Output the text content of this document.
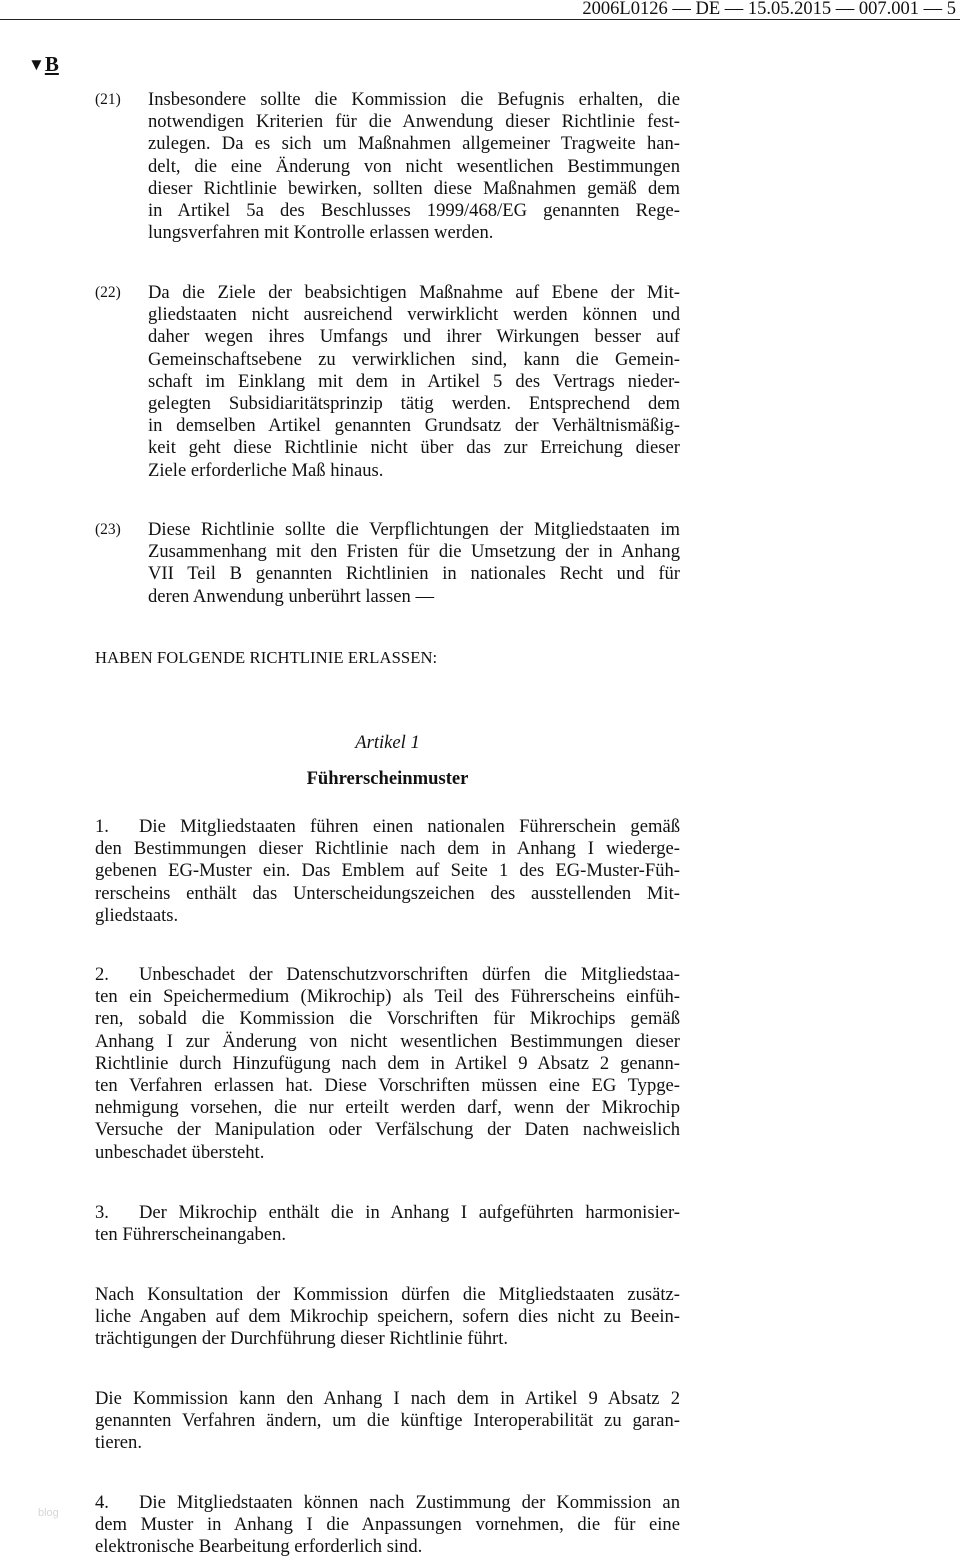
2006L0126 — DE — 15.05.2015 — 007.001 — 5
▼B
(21) Insbesondere sollte die Kommission die Befugnis erhalten, die
notwendigen Kriterien für die Anwendung dieser Richtlinie fest-
zulegen. Da es sich um Maßnahmen allgemeiner Tragweite han-
delt, die eine Änderung von nicht wesentlichen Bestimmungen
dieser Richtlinie bewirken, sollten diese Maßnahmen gemäß dem
in Artikel 5a des Beschlusses 1999/468/EG genannten Rege-
lungsverfahren mit Kontrolle erlassen werden.
(22) Da die Ziele der beabsichtigen Maßnahme auf Ebene der Mit-
gliedstaaten nicht ausreichend verwirklicht werden können und
daher wegen ihres Umfangs und ihrer Wirkungen besser auf
Gemeinschaftsebene zu verwirklichen sind, kann die Gemein-
schaft im Einklang mit dem in Artikel 5 des Vertrags nieder-
gelegten Subsidiaritätsprinzip tätig werden. Entsprechend dem
in demselben Artikel genannten Grundsatz der Verhältnismäßig-
keit geht diese Richtlinie nicht über das zur Erreichung dieser
Ziele erforderliche Maß hinaus.
(23) Diese Richtlinie sollte die Verpflichtungen der Mitgliedstaaten im
Zusammenhang mit den Fristen für die Umsetzung der in Anhang
VII Teil B genannten Richtlinien in nationales Recht und für
deren Anwendung unberührt lassen —
HABEN FOLGENDE RICHTLINIE ERLASSEN:
Artikel 1
Führerscheinmuster
1. Die Mitgliedstaaten führen einen nationalen Führerschein gemäß
den Bestimmungen dieser Richtlinie nach dem in Anhang I wiederge-
gebenen EG-Muster ein. Das Emblem auf Seite 1 des EG-Muster-Füh-
rerscheins enthält das Unterscheidungszeichen des ausstellenden Mit-
gliedstaats.
2. Unbeschadet der Datenschutzvorschriften dürfen die Mitgliedstaa-
ten ein Speichermedium (Mikrochip) als Teil des Führerscheins einfüh-
ren, sobald die Kommission die Vorschriften für Mikrochips gemäß
Anhang I zur Änderung von nicht wesentlichen Bestimmungen dieser
Richtlinie durch Hinzufügung nach dem in Artikel 9 Absatz 2 genann-
ten Verfahren erlassen hat. Diese Vorschriften müssen eine EG Typge-
nehmigung vorsehen, die nur erteilt werden darf, wenn der Mikrochip
Versuche der Manipulation oder Verfälschung der Daten nachweislich
unbeschadet übersteht.
3. Der Mikrochip enthält die in Anhang I aufgeführten harmonisier-
ten Führerscheinangaben.
Nach Konsultation der Kommission dürfen die Mitgliedstaaten zusätz-
liche Angaben auf dem Mikrochip speichern, sofern dies nicht zu Beein-
trächtigungen der Durchführung dieser Richtlinie führt.
Die Kommission kann den Anhang I nach dem in Artikel 9 Absatz 2
genannten Verfahren ändern, um die künftige Interoperabilität zu garan-
tieren.
4. Die Mitgliedstaaten können nach Zustimmung der Kommission an
dem Muster in Anhang I die Anpassungen vornehmen, die für eine
elektronische Bearbeitung erforderlich sind.
blog
